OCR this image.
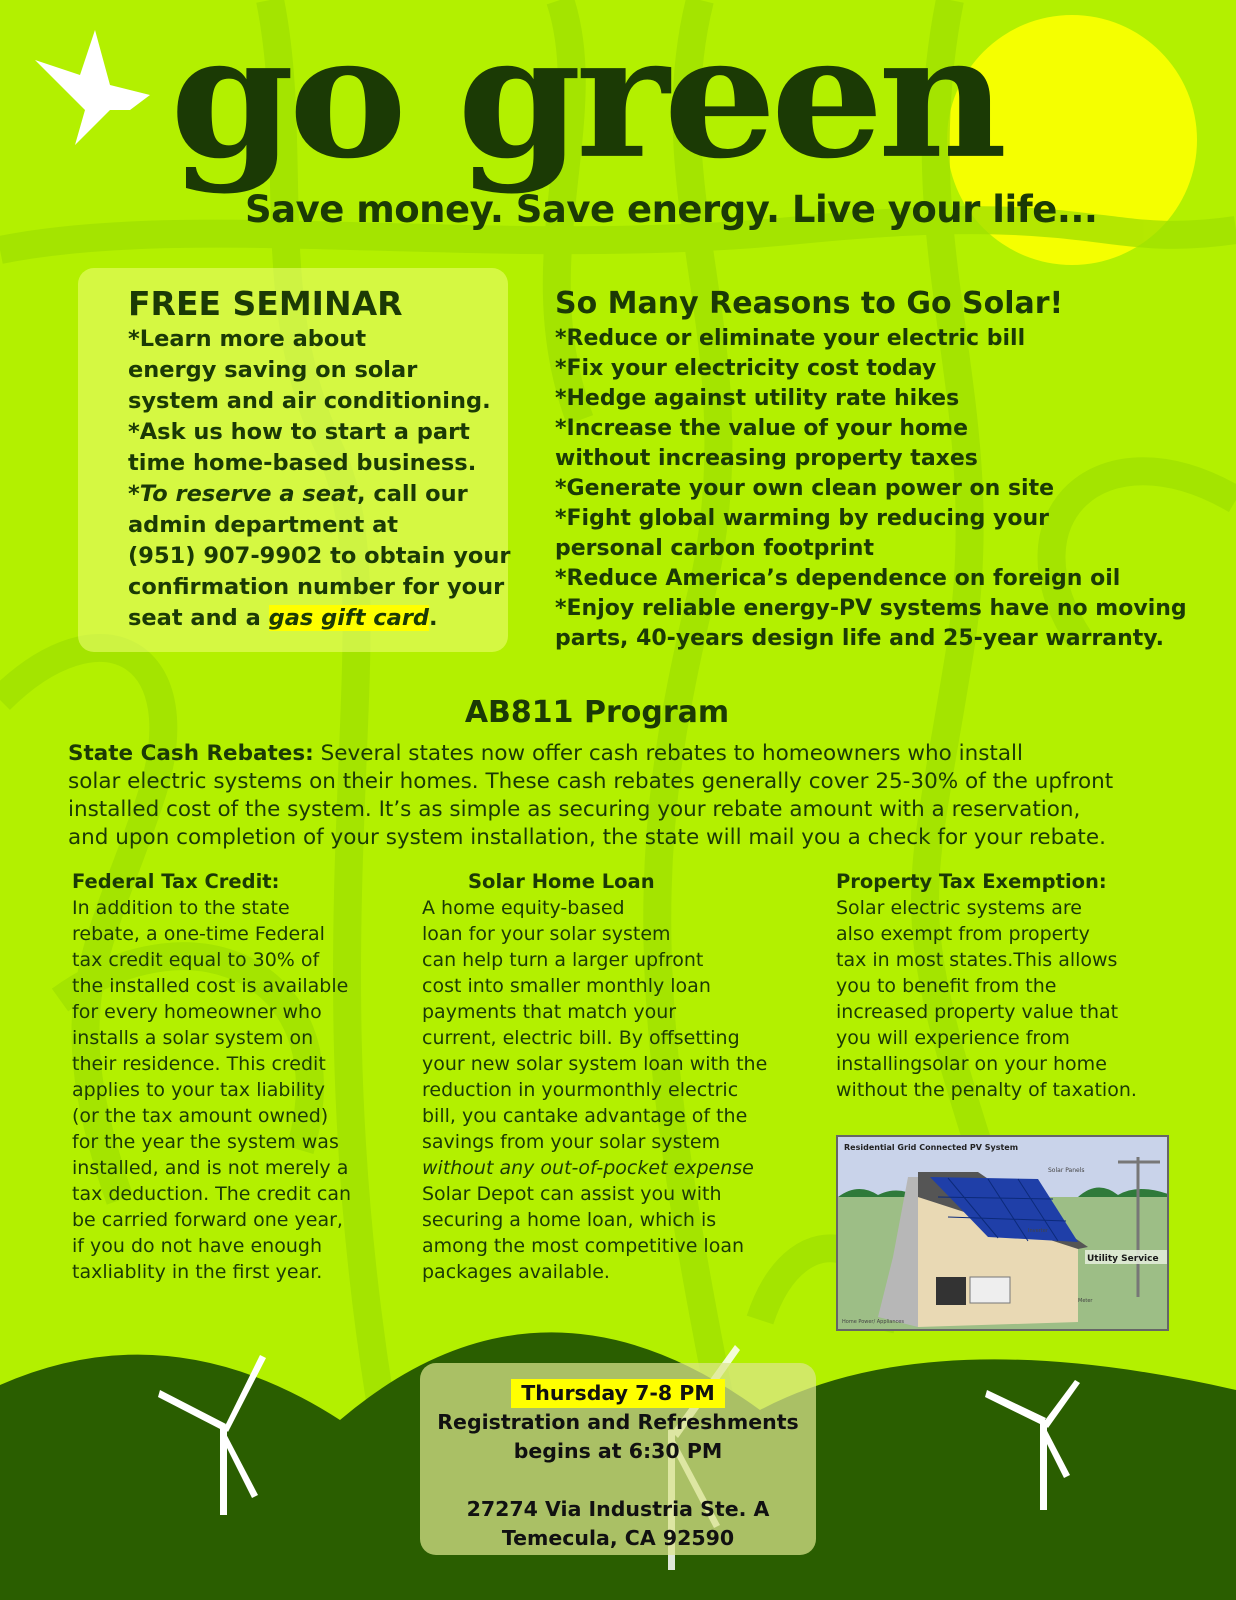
go green
Save money. Save energy. Live your life...
FREE SEMINAR
*Learn more about
energy saving on solar
system and air conditioning.
*Ask us how to start a part
time home-based business.
*To reserve a seat, call our
admin department at
(951) 907-9902 to obtain your
confirmation number for your
seat and a gas gift card.
So Many Reasons to Go Solar!
*Reduce or eliminate your electric bill
*Fix your electricity cost today
*Hedge against utility rate hikes
*Increase the value of your home
without increasing property taxes
*Generate your own clean power on site
*Fight global warming by reducing your
personal carbon footprint
*Reduce America’s dependence on foreign oil
*Enjoy reliable energy-PV systems have no moving
parts, 40-years design life and 25-year warranty.
AB811 Program
State Cash Rebates: Several states now offer cash rebates to homeowners who install
solar electric systems on their homes. These cash rebates generally cover 25-30% of the upfront
installed cost of the system. It’s as simple as securing your rebate amount with a reservation,
and upon completion of your system installation, the state will mail you a check for your rebate.
Federal Tax Credit:
In addition to the state
rebate, a one-time Federal
tax credit equal to 30% of
the installed cost is available
for every homeowner who
installs a solar system on
their residence. This credit
applies to your tax liability
(or the tax amount owned)
for the year the system was
installed, and is not merely a
tax deduction. The credit can
be carried forward one year,
if you do not have enough
taxliablity in the first year.
Solar Home Loan
A home equity-based
loan for your solar system
can help turn a larger upfront
cost into smaller monthly loan
payments that match your
current, electric bill. By offsetting
your new solar system loan with the
reduction in yourmonthly electric
bill, you cantake advantage of the
savings from your solar system
without any out-of-pocket expense
Solar Depot can assist you with
securing a home loan, which is
among the most competitive loan
packages available.
Property Tax Exemption:
Solar electric systems are
also exempt from property
tax in most states.This allows
you to benefit from the
increased property value that
you will experience from
installingsolar on your home
without the penalty of taxation.
Residential Grid Connected PV System
Solar Panels
Utility Service
Inverter
Meter
Home Power/ Appliances
Thursday 7-8 PM
Registration and Refreshments
begins at 6:30 PM
27274 Via Industria Ste. A
Temecula, CA 92590
